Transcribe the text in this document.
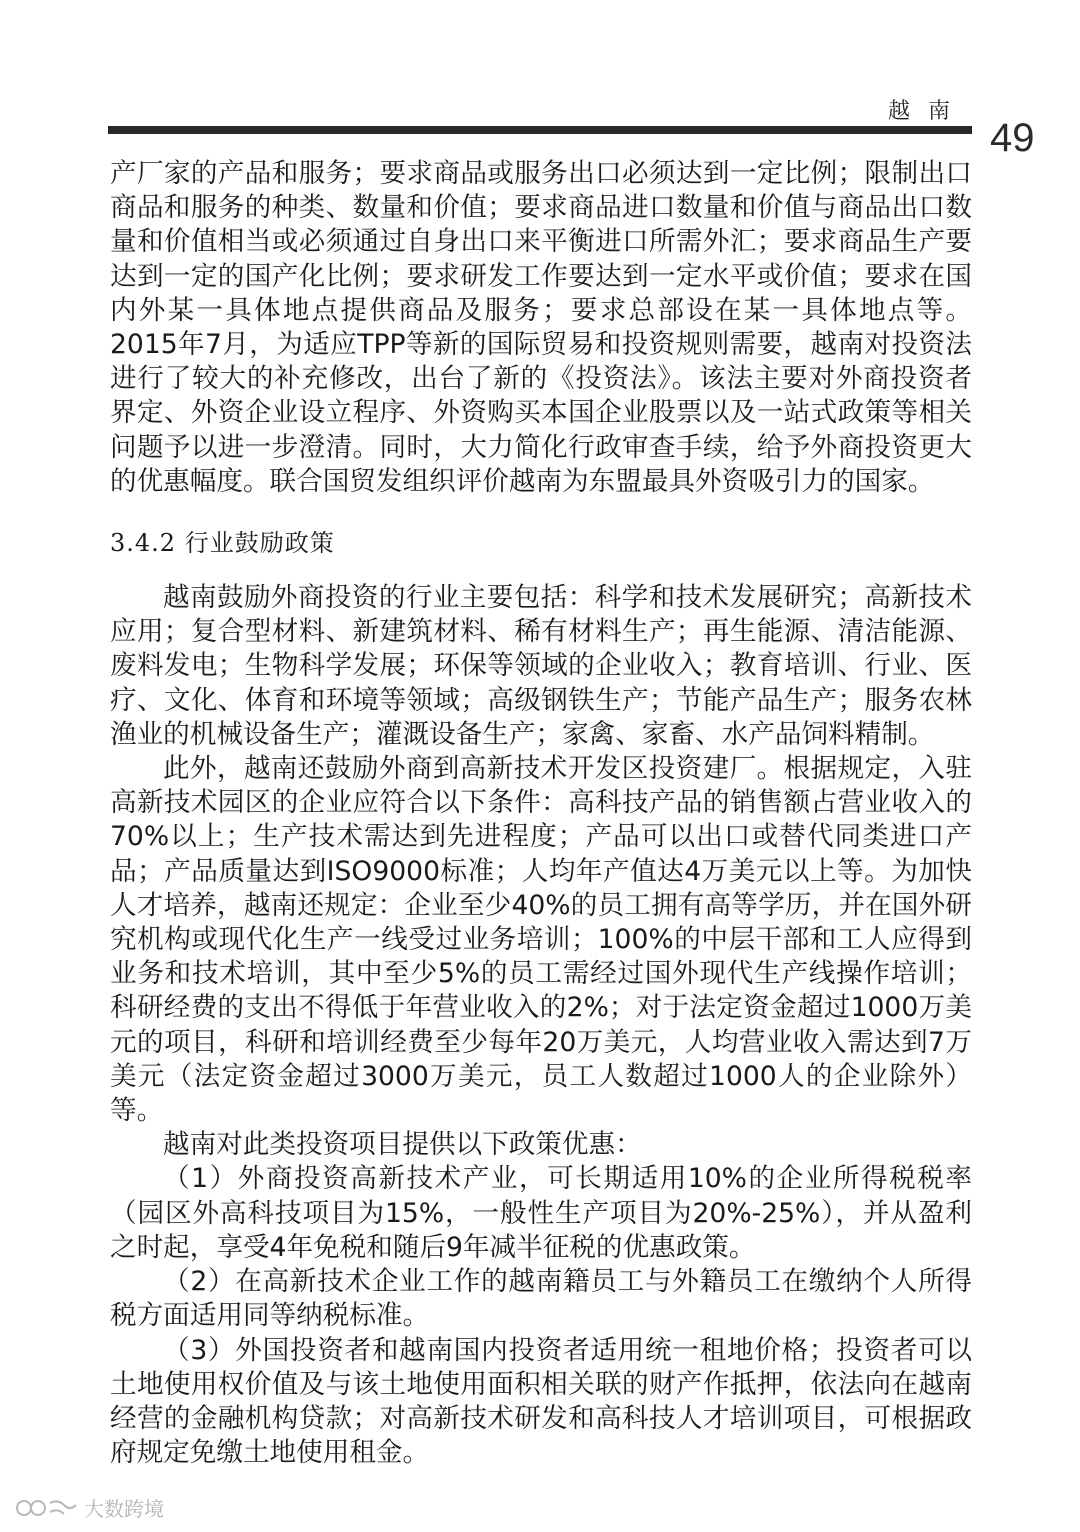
越南
49

产厂家的产品和服务；要求商品或服务出口必须达到一定比例；限制出口商品和服务的种类、数量和价值；要求商品进口数量和价值与商品出口数量和价值相当或必须通过自身出口来平衡进口所需外汇；要求商品生产要达到一定的国产化比例；要求研发工作要达到一定水平或价值；要求在国内外某一具体地点提供商品及服务；要求总部设在某一具体地点等。2015年7月，为适应TPP等新的国际贸易和投资规则需要，越南对投资法进行了较大的补充修改，出台了新的《投资法》。该法主要对外商投资者界定、外资企业设立程序、外资购买本国企业股票以及一站式政策等相关问题予以进一步澄清。同时，大力简化行政审查手续，给予外商投资更大的优惠幅度。联合国贸发组织评价越南为东盟最具外资吸引力的国家。

3.4.2 行业鼓励政策

越南鼓励外商投资的行业主要包括：科学和技术发展研究；高新技术应用；复合型材料、新建筑材料、稀有材料生产；再生能源、清洁能源、废料发电；生物科学发展；环保等领域的企业收入；教育培训、行业、医疗、文化、体育和环境等领域；高级钢铁生产；节能产品生产；服务农林渔业的机械设备生产；灌溉设备生产；家禽、家畜、水产品饲料精制。

此外，越南还鼓励外商到高新技术开发区投资建厂。根据规定，入驻高新技术园区的企业应符合以下条件：高科技产品的销售额占营业收入的70%以上；生产技术需达到先进程度；产品可以出口或替代同类进口产品；产品质量达到ISO9000标准；人均年产值达4万美元以上等。为加快人才培养，越南还规定：企业至少40%的员工拥有高等学历，并在国外研究机构或现代化生产一线受过业务培训；100%的中层干部和工人应得到业务和技术培训，其中至少5%的员工需经过国外现代生产线操作培训；科研经费的支出不得低于年营业收入的2%；对于法定资金超过1000万美元的项目，科研和培训经费至少每年20万美元，人均营业收入需达到7万美元（法定资金超过3000万美元，员工人数超过1000人的企业除外）等。

越南对此类投资项目提供以下政策优惠：

（1）外商投资高新技术产业，可长期适用10%的企业所得税税率（园区外高科技项目为15%，一般性生产项目为20%-25%），并从盈利之时起，享受4年免税和随后9年减半征税的优惠政策。

（2）在高新技术企业工作的越南籍员工与外籍员工在缴纳个人所得税方面适用同等纳税标准。

（3）外国投资者和越南国内投资者适用统一租地价格；投资者可以土地使用权价值及与该土地使用面积相关联的财产作抵押，依法向在越南经营的金融机构贷款；对高新技术研发和高科技人才培训项目，可根据政府规定免缴土地使用租金。

大数跨境
